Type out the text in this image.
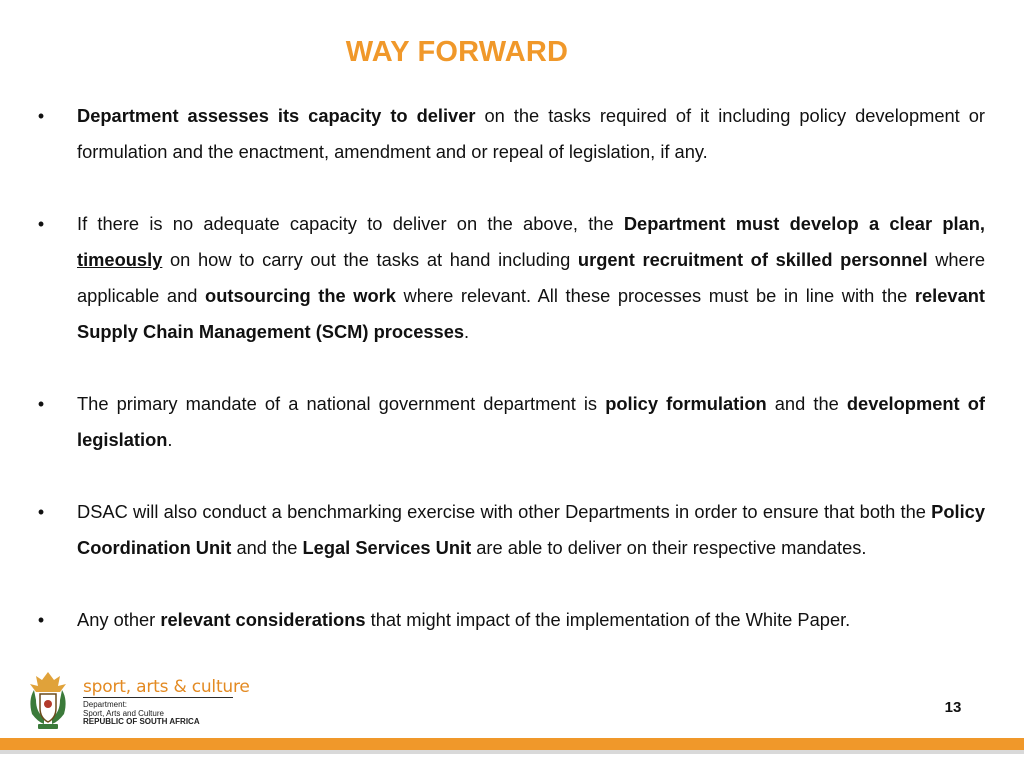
WAY FORWARD
• Department assesses its capacity to deliver on the tasks required of it including policy development or formulation and the enactment, amendment and or repeal of legislation, if any.
• If there is no adequate capacity to deliver on the above, the Department must develop a clear plan, timeously on how to carry out the tasks at hand including urgent recruitment of skilled personnel where applicable and outsourcing the work where relevant. All these processes must be in line with the relevant Supply Chain Management (SCM) processes.
• The primary mandate of a national government department is policy formulation and the development of legislation.
• DSAC will also conduct a benchmarking exercise with other Departments in order to ensure that both the Policy Coordination Unit and the Legal Services Unit are able to deliver on their respective mandates.
• Any other relevant considerations that might impact of the implementation of the White Paper.
sport, arts & culture
Department:
Sport, Arts and Culture
REPUBLIC OF SOUTH AFRICA
13
